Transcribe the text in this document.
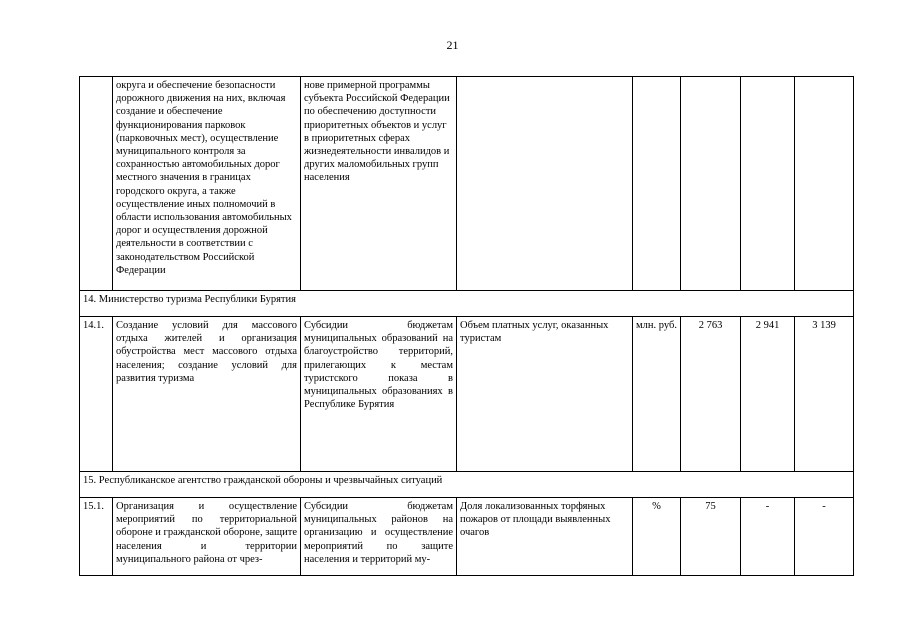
21
	округа и обеспечение безопасности дорожного движения на них, включая создание и обеспечение функционирования парковок (парковочных мест), осуществление муниципального контроля за сохранностью автомобильных дорог местного значения в границах городского округа, а также осуществление иных полномочий в области использования автомобильных дорог и осуществления дорожной деятельности в соответствии с законодательством Российской Федерации	нове примерной программы субъекта Российской Федерации по обеспечению доступности приоритетных объектов и услуг в приоритетных сферах жизнедеятельности инвалидов и других маломобильных групп населения					
14. Министерство туризма Республики Бурятия							
14.1.	Создание условий для массового отдыха жителей и организация обустройства мест массового отдыха населения; создание условий для развития туризма	Субсидии бюджетам муниципальных образований на благоустройство территорий, прилегающих к местам туристского показа в муниципальных образованиях в Республике Бурятия	Объем платных услуг, оказанных туристам	млн. руб.	2 763	2 941	3 139
15. Республиканское агентство гражданской обороны и чрезвычайных ситуаций							
15.1.	Организация и осуществление мероприятий по территориальной обороне и гражданской обороне, защите населения и территории муниципального района от чрез-	Субсидии бюджетам муниципальных районов на организацию и осуществление мероприятий по защите населения и территорий му-	Доля локализованных торфяных пожаров от площади выявленных очагов	%	75	-	-
